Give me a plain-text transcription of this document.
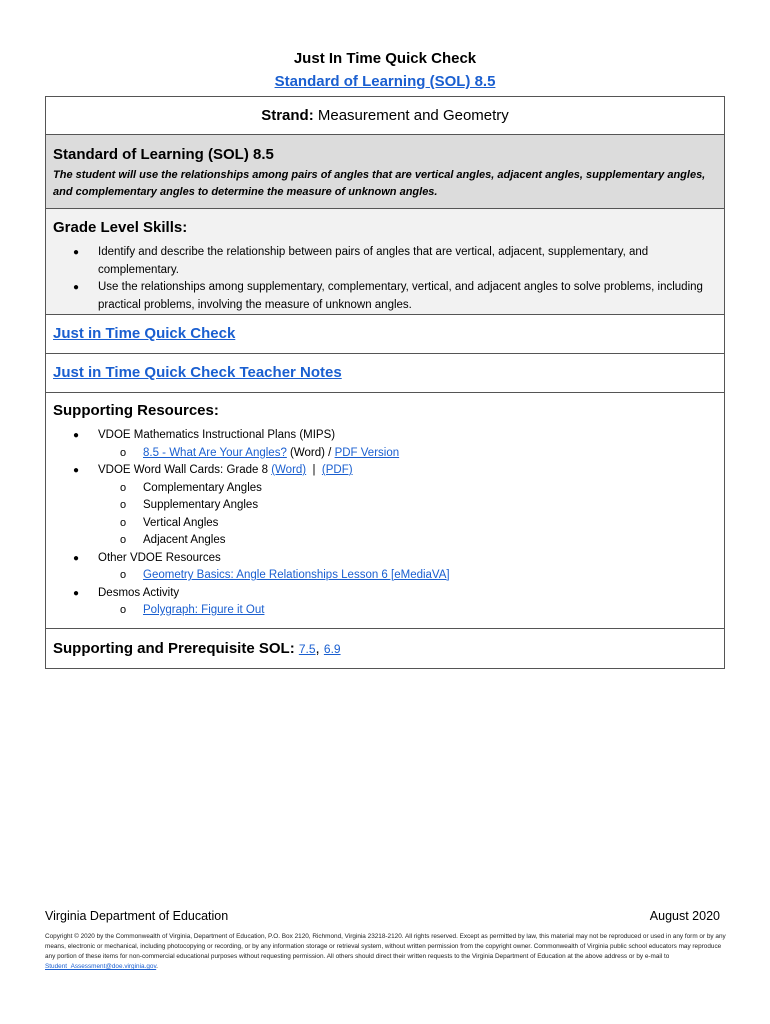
Just In Time Quick Check
Standard of Learning (SOL) 8.5
Strand: Measurement and Geometry
Standard of Learning (SOL) 8.5
The student will use the relationships among pairs of angles that are vertical angles, adjacent angles, supplementary angles, and complementary angles to determine the measure of unknown angles.
Grade Level Skills:
● Identify and describe the relationship between pairs of angles that are vertical, adjacent, supplementary, and complementary.
● Use the relationships among supplementary, complementary, vertical, and adjacent angles to solve problems, including practical problems, involving the measure of unknown angles.
Just in Time Quick Check
Just in Time Quick Check Teacher Notes
Supporting Resources:
● VDOE Mathematics Instructional Plans (MIPS)
o 8.5 - What Are Your Angles? (Word) / PDF Version
● VDOE Word Wall Cards: Grade 8 (Word)  |  (PDF)
o Complementary Angles
o Supplementary Angles
o Vertical Angles
o Adjacent Angles
● Other VDOE Resources
o Geometry Basics: Angle Relationships Lesson 6 [eMediaVA]
● Desmos Activity
o Polygraph: Figure it Out
Supporting and Prerequisite SOL: 7.5, 6.9
Virginia Department of Education	August 2020
Copyright © 2020 by the Commonwealth of Virginia, Department of Education, P.O. Box 2120, Richmond, Virginia 23218-2120. All rights reserved. Except as permitted by law, this material may not be reproduced or used in any form or by any means, electronic or mechanical, including photocopying or recording, or by any information storage or retrieval system, without written permission from the copyright owner. Commonwealth of Virginia public school educators may reproduce any portion of these items for non-commercial educational purposes without requesting permission. All others should direct their written requests to the Virginia Department of Education at the above address or by e-mail to Student_Assessment@doe.virginia.gov.
